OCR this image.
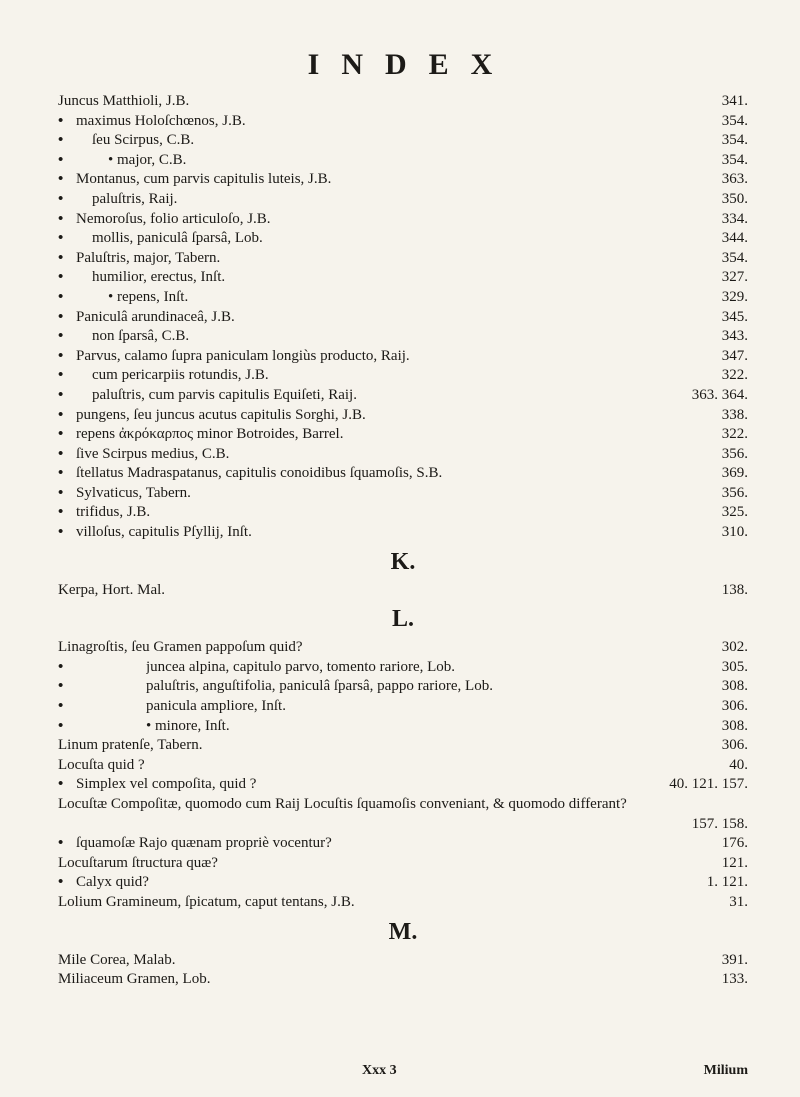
INDEX
Juncus Matthioli, J.B.	341.
• maximus Holoſchœnos, J.B.	354.
•	ſeu Scirpus, C.B.	354.
•	• major, C.B.	354.
• Montanus, cum parvis capitulis luteis, J.B.	363.
•	paluſtris, Raij.	350.
• Nemoroſus, folio articuloſo, J.B.	334.
•	mollis, paniculâ ſparsâ, Lob.	344.
• Paluſtris, major, Tabern.	354.
•	humilior, erectus, Inſt.	327.
•	• repens, Inſt.	329.
• Paniculâ arundinaceâ, J.B.	345.
•	non ſparsâ, C.B.	343.
• Parvus, calamo ſupra paniculam longiùs producto, Raij.	347.
•	cum pericarpiis rotundis, J.B.	322.
•	paluſtris, cum parvis capitulis Equiſeti, Raij.	363. 364.
• pungens, ſeu juncus acutus capitulis Sorghi, J.B.	338.
• repens ἀκρόκαρπος minor Botroides, Barrel.	322.
• ſive Scirpus medius, C.B.	356.
• ſtellatus Madraspatanus, capitulis conoidibus ſquamoſis, S.B.	369.
• Sylvaticus, Tabern.	356.
• trifidus, J.B.	325.
• villoſus, capitulis Pſyllij, Inſt.	310.
K.
Kerpa, Hort. Mal.	138.
L.
Linagroſtis, ſeu Gramen pappoſum quid?	302.
•	juncea alpina, capitulo parvo, tomento rariore, Lob.	305.
•	paluſtris, anguſtifolia, paniculâ ſparsâ, pappo rariore, Lob.	308.
•	panicula ampliore, Inſt.	306.
•	• minore, Inſt.	308.
Linum pratenſe, Tabern.	306.
Locuſta quid ?	40.
• Simplex vel compoſita, quid ?	40. 121. 157.
Locuſtæ Compoſitæ, quomodo cum Raij Locuſtis ſquamoſis conveniant, & quomodo differant?
157. 158.
• ſquamoſæ Rajo quænam propriè vocentur?	176.
Locuſtarum ſtructura quæ?	121.
• Calyx quid?	1. 121.
Lolium Gramineum, ſpicatum, caput tentans, J.B.	31.
M.
Mile Corea, Malab.	391.
Miliaceum Gramen, Lob.	133.
Xxx 3	Milium
